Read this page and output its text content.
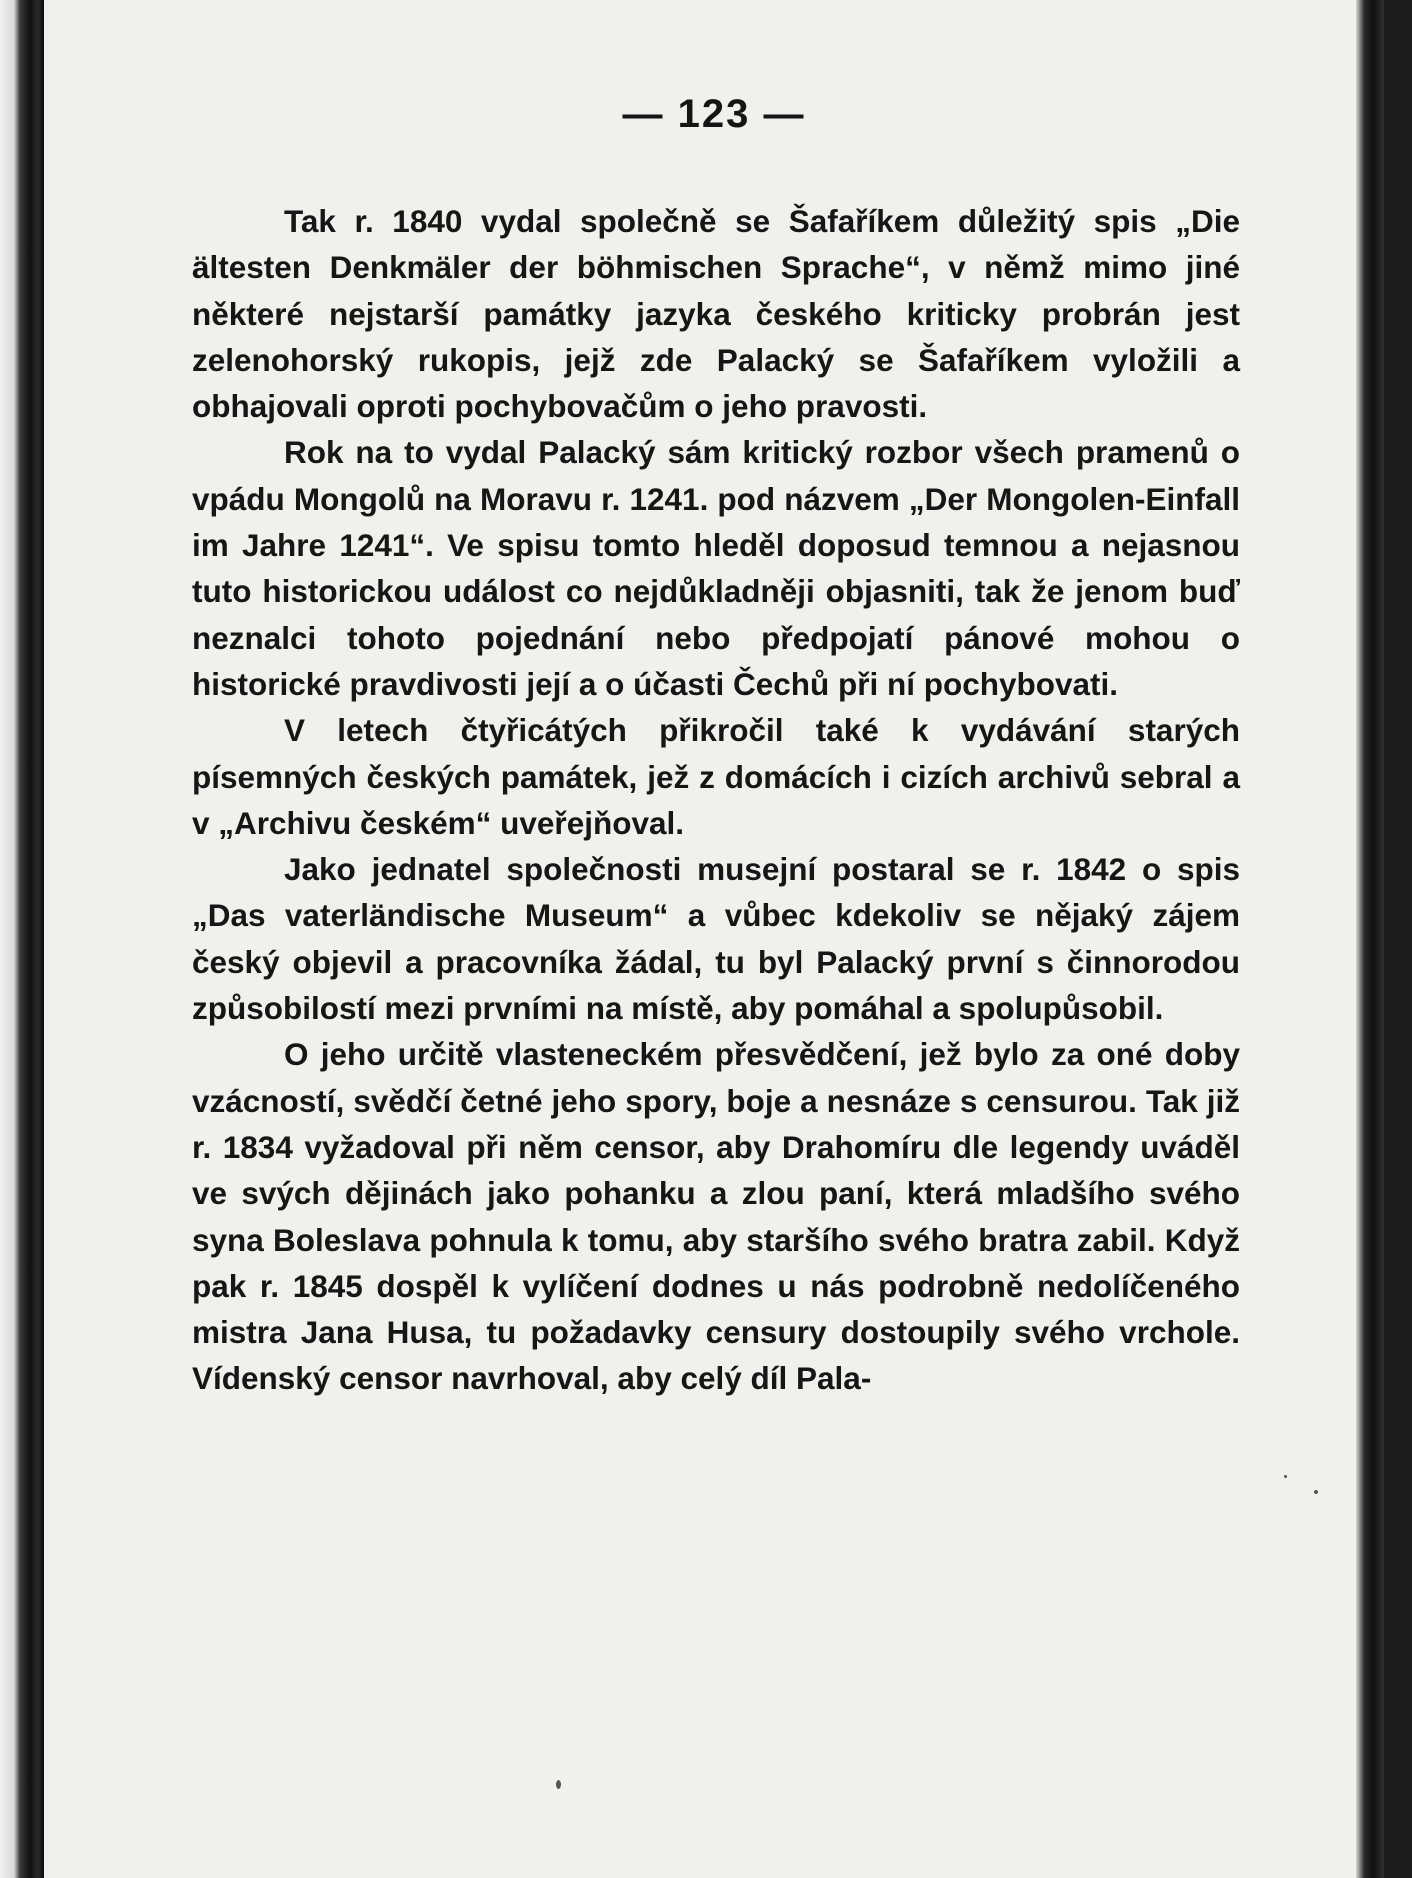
— 123 —

Tak r. 1840 vydal společně se Šafaříkem důležitý spis „Die ältesten Denkmäler der böhmischen Sprache“, v němž mimo jiné některé nejstarší památky jazyka českého kriticky probrán jest zelenohorský rukopis, jejž zde Palacký se Šafaříkem vyložili a obhajovali oproti pochybovačům o jeho pravosti.

Rok na to vydal Palacký sám kritický rozbor všech pramenů o vpádu Mongolů na Moravu r. 1241. pod názvem „Der Mongolen-Einfall im Jahre 1241“. Ve spisu tomto hleděl doposud temnou a nejasnou tuto historickou událost co nejdůkladněji objasniti, tak že jenom buď neznalci tohoto pojednání nebo předpojatí pánové mohou o historické pravdivosti její a o účasti Čechů při ní pochybovati.

V letech čtyřicátých přikročil také k vydávání starých písemných českých památek, jež z domácích i cizích archivů sebral a v „Archivu českém“ uveřejňoval.

Jako jednatel společnosti musejní postaral se r. 1842 o spis „Das vaterländische Museum“ a vůbec kdekoliv se nějaký zájem český objevil a pracovníka žádal, tu byl Palacký první s činnorodou způsobilostí mezi prvními na místě, aby pomáhal a spolupůsobil.

O jeho určitě vlasteneckém přesvědčení, jež bylo za oné doby vzácností, svědčí četné jeho spory, boje a nesnáze s censurou. Tak již r. 1834 vyžadoval při něm censor, aby Drahomíru dle legendy uváděl ve svých dějinách jako pohanku a zlou paní, která mladšího svého syna Boleslava pohnula k tomu, aby staršího svého bratra zabil. Když pak r. 1845 dospěl k vylíčení dodnes u nás podrobně nedolíčeného mistra Jana Husa, tu požadavky censury dostoupily svého vrchole. Vídenský censor navrhoval, aby celý díl Pala-
